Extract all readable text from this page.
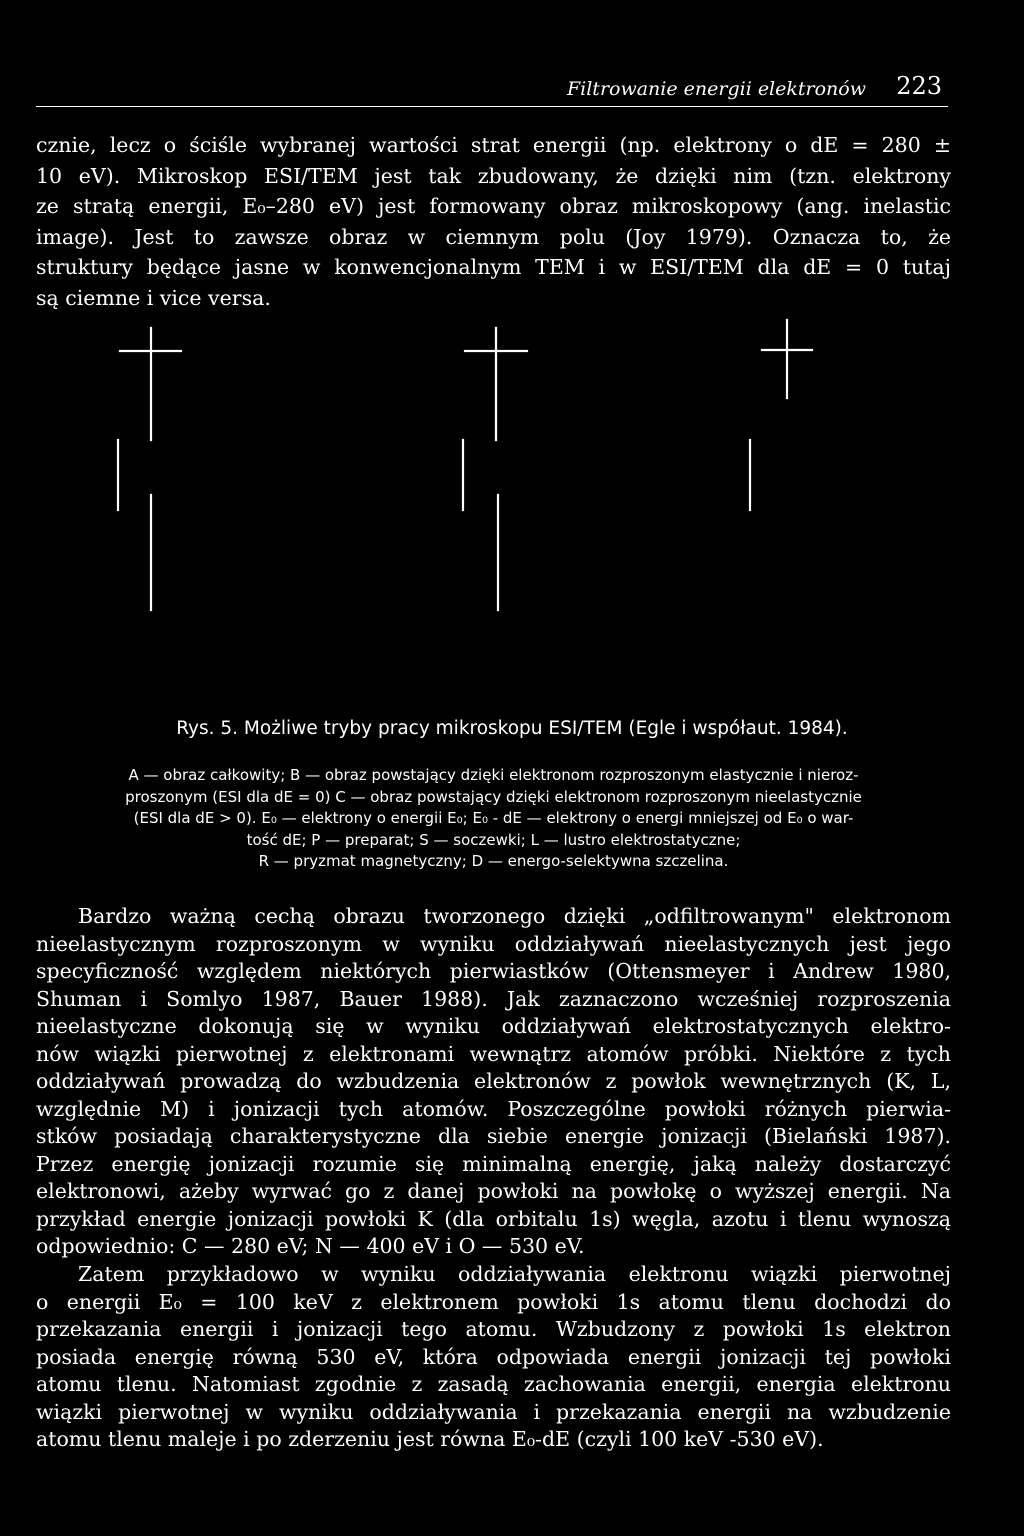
Filtrowanie energii elektronów 223
cznie, lecz o ściśle wybranej wartości strat energii (np. elektrony o dE = 280 ±
10 eV). Mikroskop ESI/TEM jest tak zbudowany, że dzięki nim (tzn. elektrony
ze stratą energii, E₀–280 eV) jest formowany obraz mikroskopowy (ang. inelastic
image). Jest to zawsze obraz w ciemnym polu (Joy 1979). Oznacza to, że
struktury będące jasne w konwencjonalnym TEM i w ESI/TEM dla dE = 0 tutaj
są ciemne i vice versa.
Rys. 5. Możliwe tryby pracy mikroskopu ESI/TEM (Egle i współaut. 1984).
A — obraz całkowity; B — obraz powstający dzięki elektronom rozproszonym elastycznie i nieroz-
proszonym (ESI dla dE = 0) C — obraz powstający dzięki elektronom rozproszonym nieelastycznie
(ESI dla dE > 0). E₀ — elektrony o energii E₀; E₀ - dE — elektrony o energi mniejszej od E₀ o war-
tość dE; P — preparat; S — soczewki; L — lustro elektrostatyczne;
R — pryzmat magnetyczny; D — energo-selektywna szczelina.
Bardzo ważną cechą obrazu tworzonego dzięki „odfiltrowanym" elektronom
nieelastycznym rozproszonym w wyniku oddziaływań nieelastycznych jest jego
specyficzność względem niektórych pierwiastków (Ottensmeyer i Andrew 1980,
Shuman i Somlyo 1987, Bauer 1988). Jak zaznaczono wcześniej rozproszenia
nieelastyczne dokonują się w wyniku oddziaływań elektrostatycznych elektro-
nów wiązki pierwotnej z elektronami wewnątrz atomów próbki. Niektóre z tych
oddziaływań prowadzą do wzbudzenia elektronów z powłok wewnętrznych (K, L,
względnie M) i jonizacji tych atomów. Poszczególne powłoki różnych pierwia-
stków posiadają charakterystyczne dla siebie energie jonizacji (Bielański 1987).
Przez energię jonizacji rozumie się minimalną energię, jaką należy dostarczyć
elektronowi, ażeby wyrwać go z danej powłoki na powłokę o wyższej energii. Na
przykład energie jonizacji powłoki K (dla orbitalu 1s) węgla, azotu i tlenu wynoszą
odpowiednio: C — 280 eV; N — 400 eV i O — 530 eV.
Zatem przykładowo w wyniku oddziaływania elektronu wiązki pierwotnej
o energii E₀ = 100 keV z elektronem powłoki 1s atomu tlenu dochodzi do
przekazania energii i jonizacji tego atomu. Wzbudzony z powłoki 1s elektron
posiada energię równą 530 eV, która odpowiada energii jonizacji tej powłoki
atomu tlenu. Natomiast zgodnie z zasadą zachowania energii, energia elektronu
wiązki pierwotnej w wyniku oddziaływania i przekazania energii na wzbudzenie
atomu tlenu maleje i po zderzeniu jest równa E₀-dE (czyli 100 keV -530 eV).
